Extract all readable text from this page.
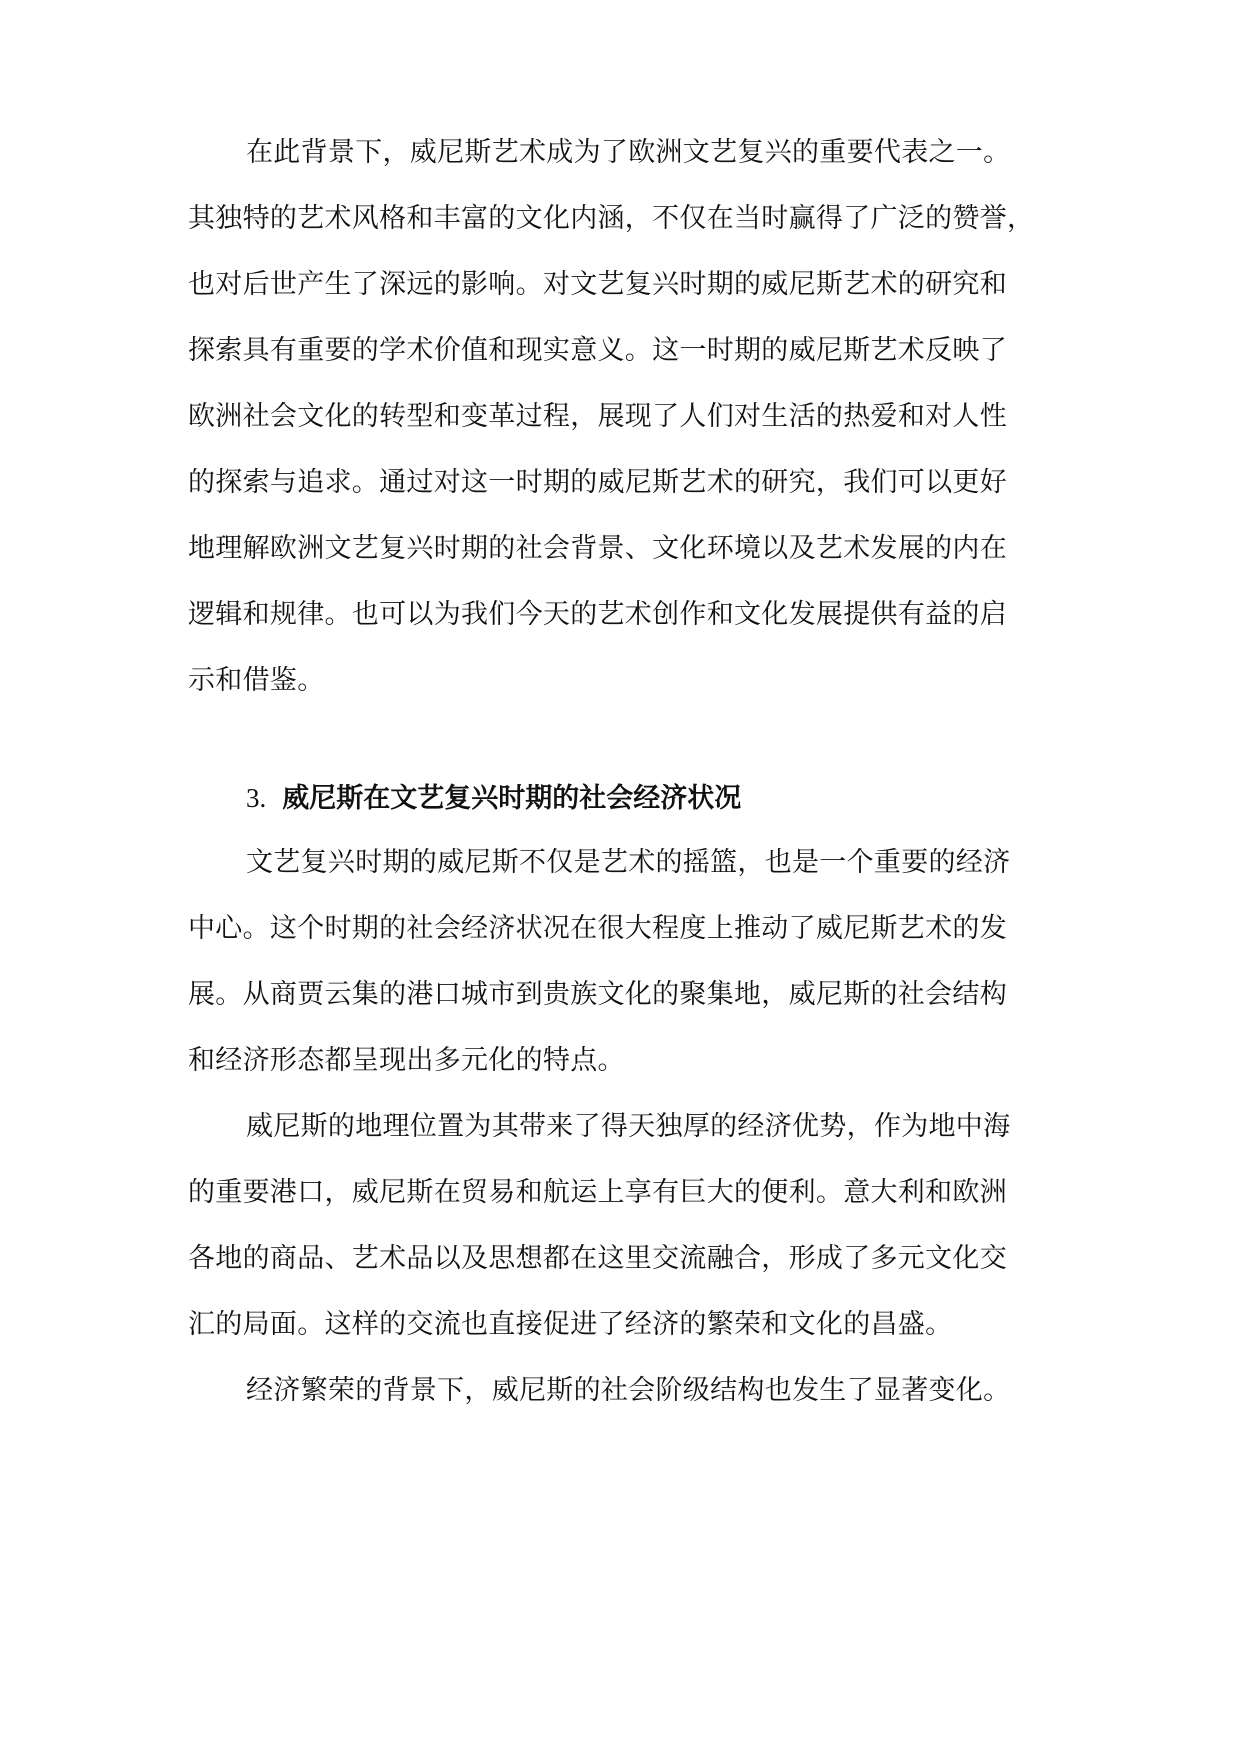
在此背景下，威尼斯艺术成为了欧洲文艺复兴的重要代表之一。
其独特的艺术风格和丰富的文化内涵，不仅在当时赢得了广泛的赞誉，
也对后世产生了深远的影响。对文艺复兴时期的威尼斯艺术的研究和
探索具有重要的学术价值和现实意义。这一时期的威尼斯艺术反映了
欧洲社会文化的转型和变革过程，展现了人们对生活的热爱和对人性
的探索与追求。通过对这一时期的威尼斯艺术的研究，我们可以更好
地理解欧洲文艺复兴时期的社会背景、文化环境以及艺术发展的内在
逻辑和规律。也可以为我们今天的艺术创作和文化发展提供有益的启
示和借鉴。
3. 威尼斯在文艺复兴时期的社会经济状况
文艺复兴时期的威尼斯不仅是艺术的摇篮，也是一个重要的经济
中心。这个时期的社会经济状况在很大程度上推动了威尼斯艺术的发
展。从商贾云集的港口城市到贵族文化的聚集地，威尼斯的社会结构
和经济形态都呈现出多元化的特点。
威尼斯的地理位置为其带来了得天独厚的经济优势，作为地中海
的重要港口，威尼斯在贸易和航运上享有巨大的便利。意大利和欧洲
各地的商品、艺术品以及思想都在这里交流融合，形成了多元文化交
汇的局面。这样的交流也直接促进了经济的繁荣和文化的昌盛。
经济繁荣的背景下，威尼斯的社会阶级结构也发生了显著变化。
